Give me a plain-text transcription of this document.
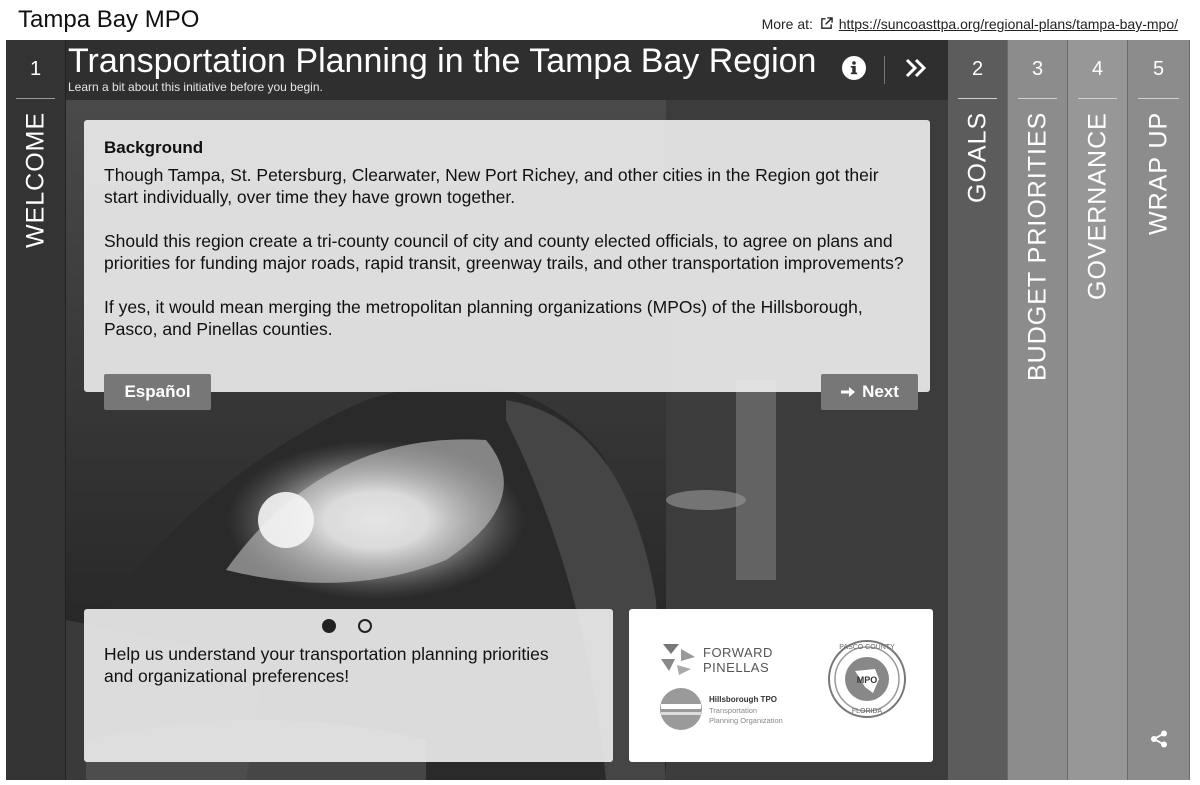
Tampa Bay MPO	More at: https://suncoasttpa.org/regional-plans/tampa-bay-mpo/
1
WELCOME
Transportation Planning in the Tampa Bay Region
Learn a bit about this initiative before you begin.
Background

Though Tampa, St. Petersburg, Clearwater, New Port Richey, and other cities in the Region got their start individually, over time they have grown together.

Should this region create a tri-county council of city and county elected officials, to agree on plans and priorities for funding major roads, rapid transit, greenway trails, and other transportation improvements?

If yes, it would mean merging the metropolitan planning organizations (MPOs) of the Hillsborough, Pasco, and Pinellas counties.

Español	Next
Help us understand your transportation planning priorities and organizational preferences!
FORWARD
PINELLAS
Hillsborough TPO
Transportation
Planning Organization
PASCO COUNTY
FLORIDA
MPO
2
GOALS
3
BUDGET PRIORITIES
4
GOVERNANCE
5
WRAP UP
